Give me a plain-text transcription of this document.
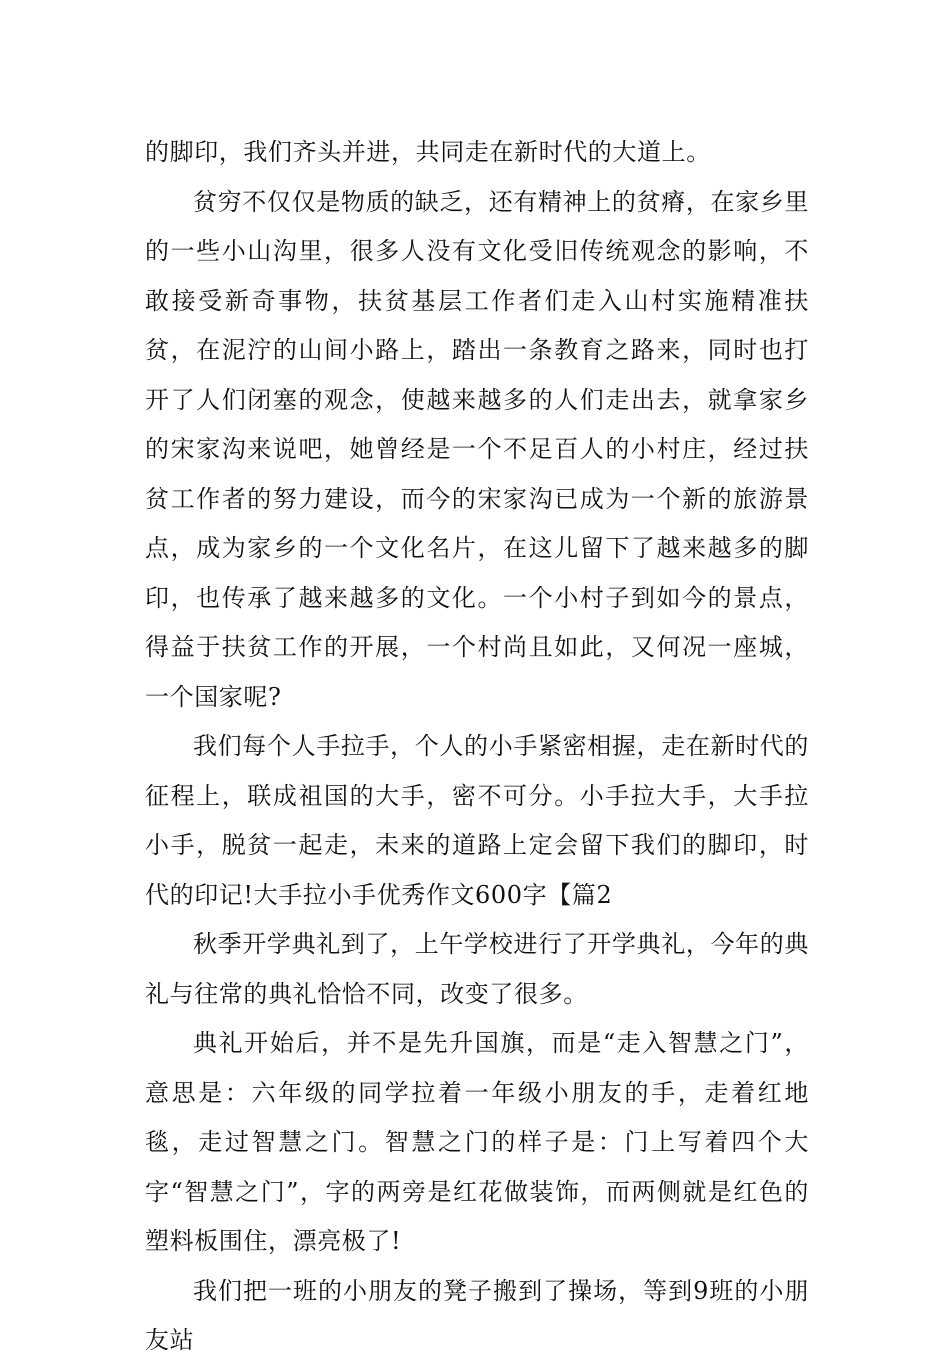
的脚印，我们齐头并进，共同走在新时代的大道上。

贫穷不仅仅是物质的缺乏，还有精神上的贫瘠，在家乡里的一些小山沟里，很多人没有文化受旧传统观念的影响，不敢接受新奇事物，扶贫基层工作者们走入山村实施精准扶贫，在泥泞的山间小路上，踏出一条教育之路来，同时也打开了人们闭塞的观念，使越来越多的人们走出去，就拿家乡的宋家沟来说吧，她曾经是一个不足百人的小村庄，经过扶贫工作者的努力建设，而今的宋家沟已成为一个新的旅游景点，成为家乡的一个文化名片，在这儿留下了越来越多的脚印，也传承了越来越多的文化。一个小村子到如今的景点，得益于扶贫工作的开展，一个村尚且如此，又何况一座城，一个国家呢?

我们每个人手拉手，个人的小手紧密相握，走在新时代的征程上，联成祖国的大手，密不可分。小手拉大手，大手拉小手，脱贫一起走，未来的道路上定会留下我们的脚印，时代的印记!大手拉小手优秀作文600字【篇2

秋季开学典礼到了，上午学校进行了开学典礼，今年的典礼与往常的典礼恰恰不同，改变了很多。

典礼开始后，并不是先升国旗，而是“走入智慧之门”，意思是：六年级的同学拉着一年级小朋友的手，走着红地毯，走过智慧之门。智慧之门的样子是：门上写着四个大字“智慧之门”，字的两旁是红花做装饰，而两侧就是红色的塑料板围住，漂亮极了!

我们把一班的小朋友的凳子搬到了操场，等到9班的小朋友站
